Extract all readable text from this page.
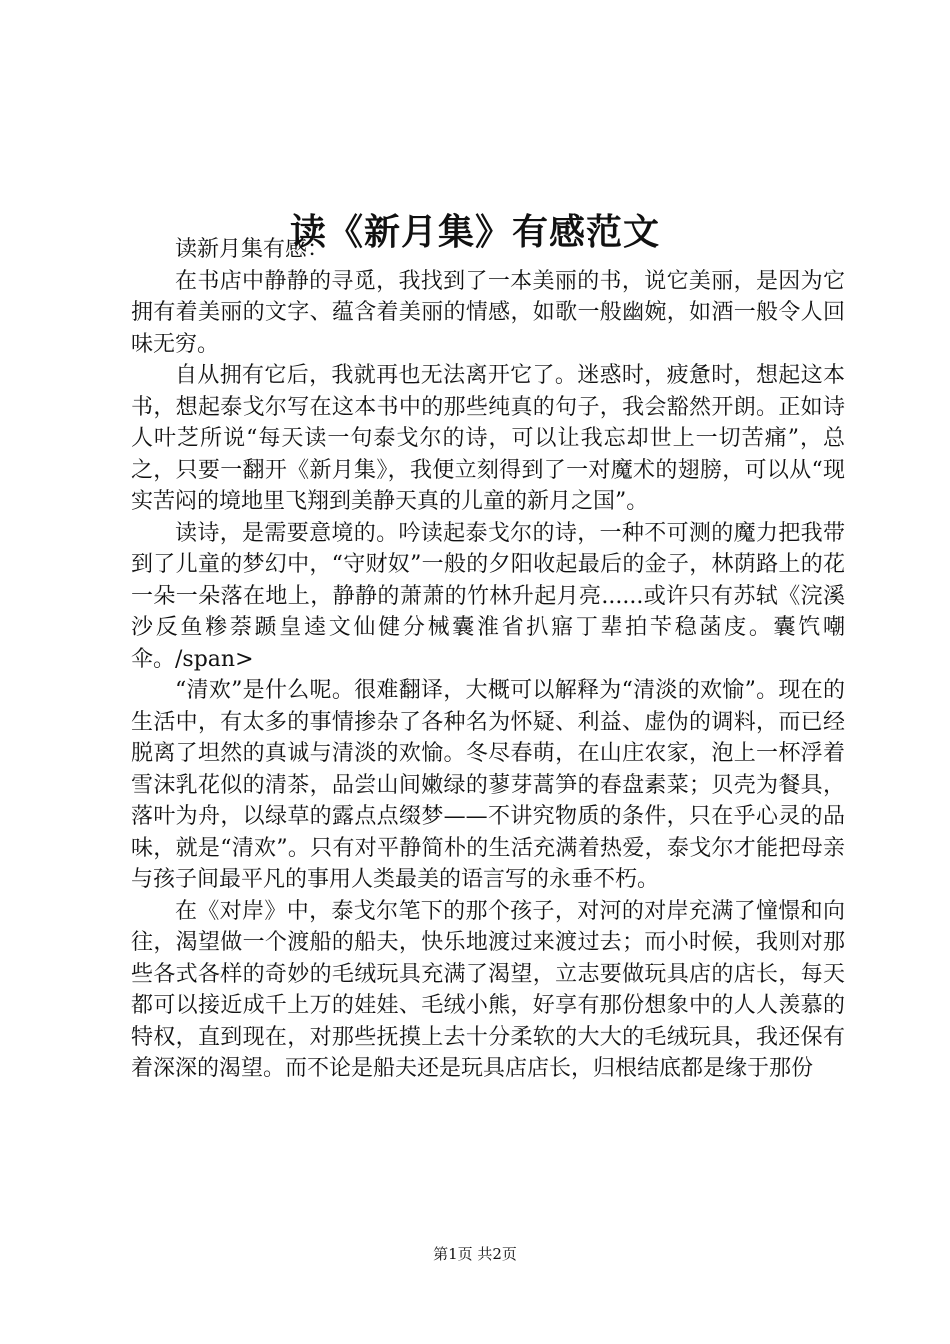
读《新月集》有感范文

读新月集有感：

在书店中静静的寻觅，我找到了一本美丽的书，说它美丽，是因为它拥有着美丽的文字、蕴含着美丽的情感，如歌一般幽婉，如酒一般令人回味无穷。

自从拥有它后，我就再也无法离开它了。迷惑时，疲惫时，想起这本书，想起泰戈尔写在这本书中的那些纯真的句子，我会豁然开朗。正如诗人叶芝所说“每天读一句泰戈尔的诗，可以让我忘却世上一切苦痛”，总之，只要一翻开《新月集》，我便立刻得到了一对魔术的翅膀，可以从“现实苦闷的境地里飞翔到美静天真的儿童的新月之国”。

读诗，是需要意境的。吟读起泰戈尔的诗，一种不可测的魔力把我带到了儿童的梦幻中，“守财奴”一般的夕阳收起最后的金子，林荫路上的花一朵一朵落在地上，静静的萧萧的竹林升起月亮......或许只有苏轼《浣溪沙反鱼糁萘踬皇逵文仙健分械囊淮省扒寤丁辈拍苄稳菡庋。囊饩嘲伞。/span>

“清欢”是什么呢。很难翻译，大概可以解释为“清淡的欢愉”。现在的生活中，有太多的事情掺杂了各种名为怀疑、利益、虚伪的调料，而已经脱离了坦然的真诚与清淡的欢愉。冬尽春萌，在山庄农家，泡上一杯浮着雪沫乳花似的清茶，品尝山间嫩绿的蓼芽蒿笋的春盘素菜；贝壳为餐具，落叶为舟，以绿草的露点点缀梦——不讲究物质的条件，只在乎心灵的品味，就是“清欢”。只有对平静简朴的生活充满着热爱，泰戈尔才能把母亲与孩子间最平凡的事用人类最美的语言写的永垂不朽。

在《对岸》中，泰戈尔笔下的那个孩子，对河的对岸充满了憧憬和向往，渴望做一个渡船的船夫，快乐地渡过来渡过去；而小时候，我则对那些各式各样的奇妙的毛绒玩具充满了渴望，立志要做玩具店的店长，每天都可以接近成千上万的娃娃、毛绒小熊，好享有那份想象中的人人羡慕的特权，直到现在，对那些抚摸上去十分柔软的大大的毛绒玩具，我还保有着深深的渴望。而不论是船夫还是玩具店店长，归根结底都是缘于那份

第1页 共2页
